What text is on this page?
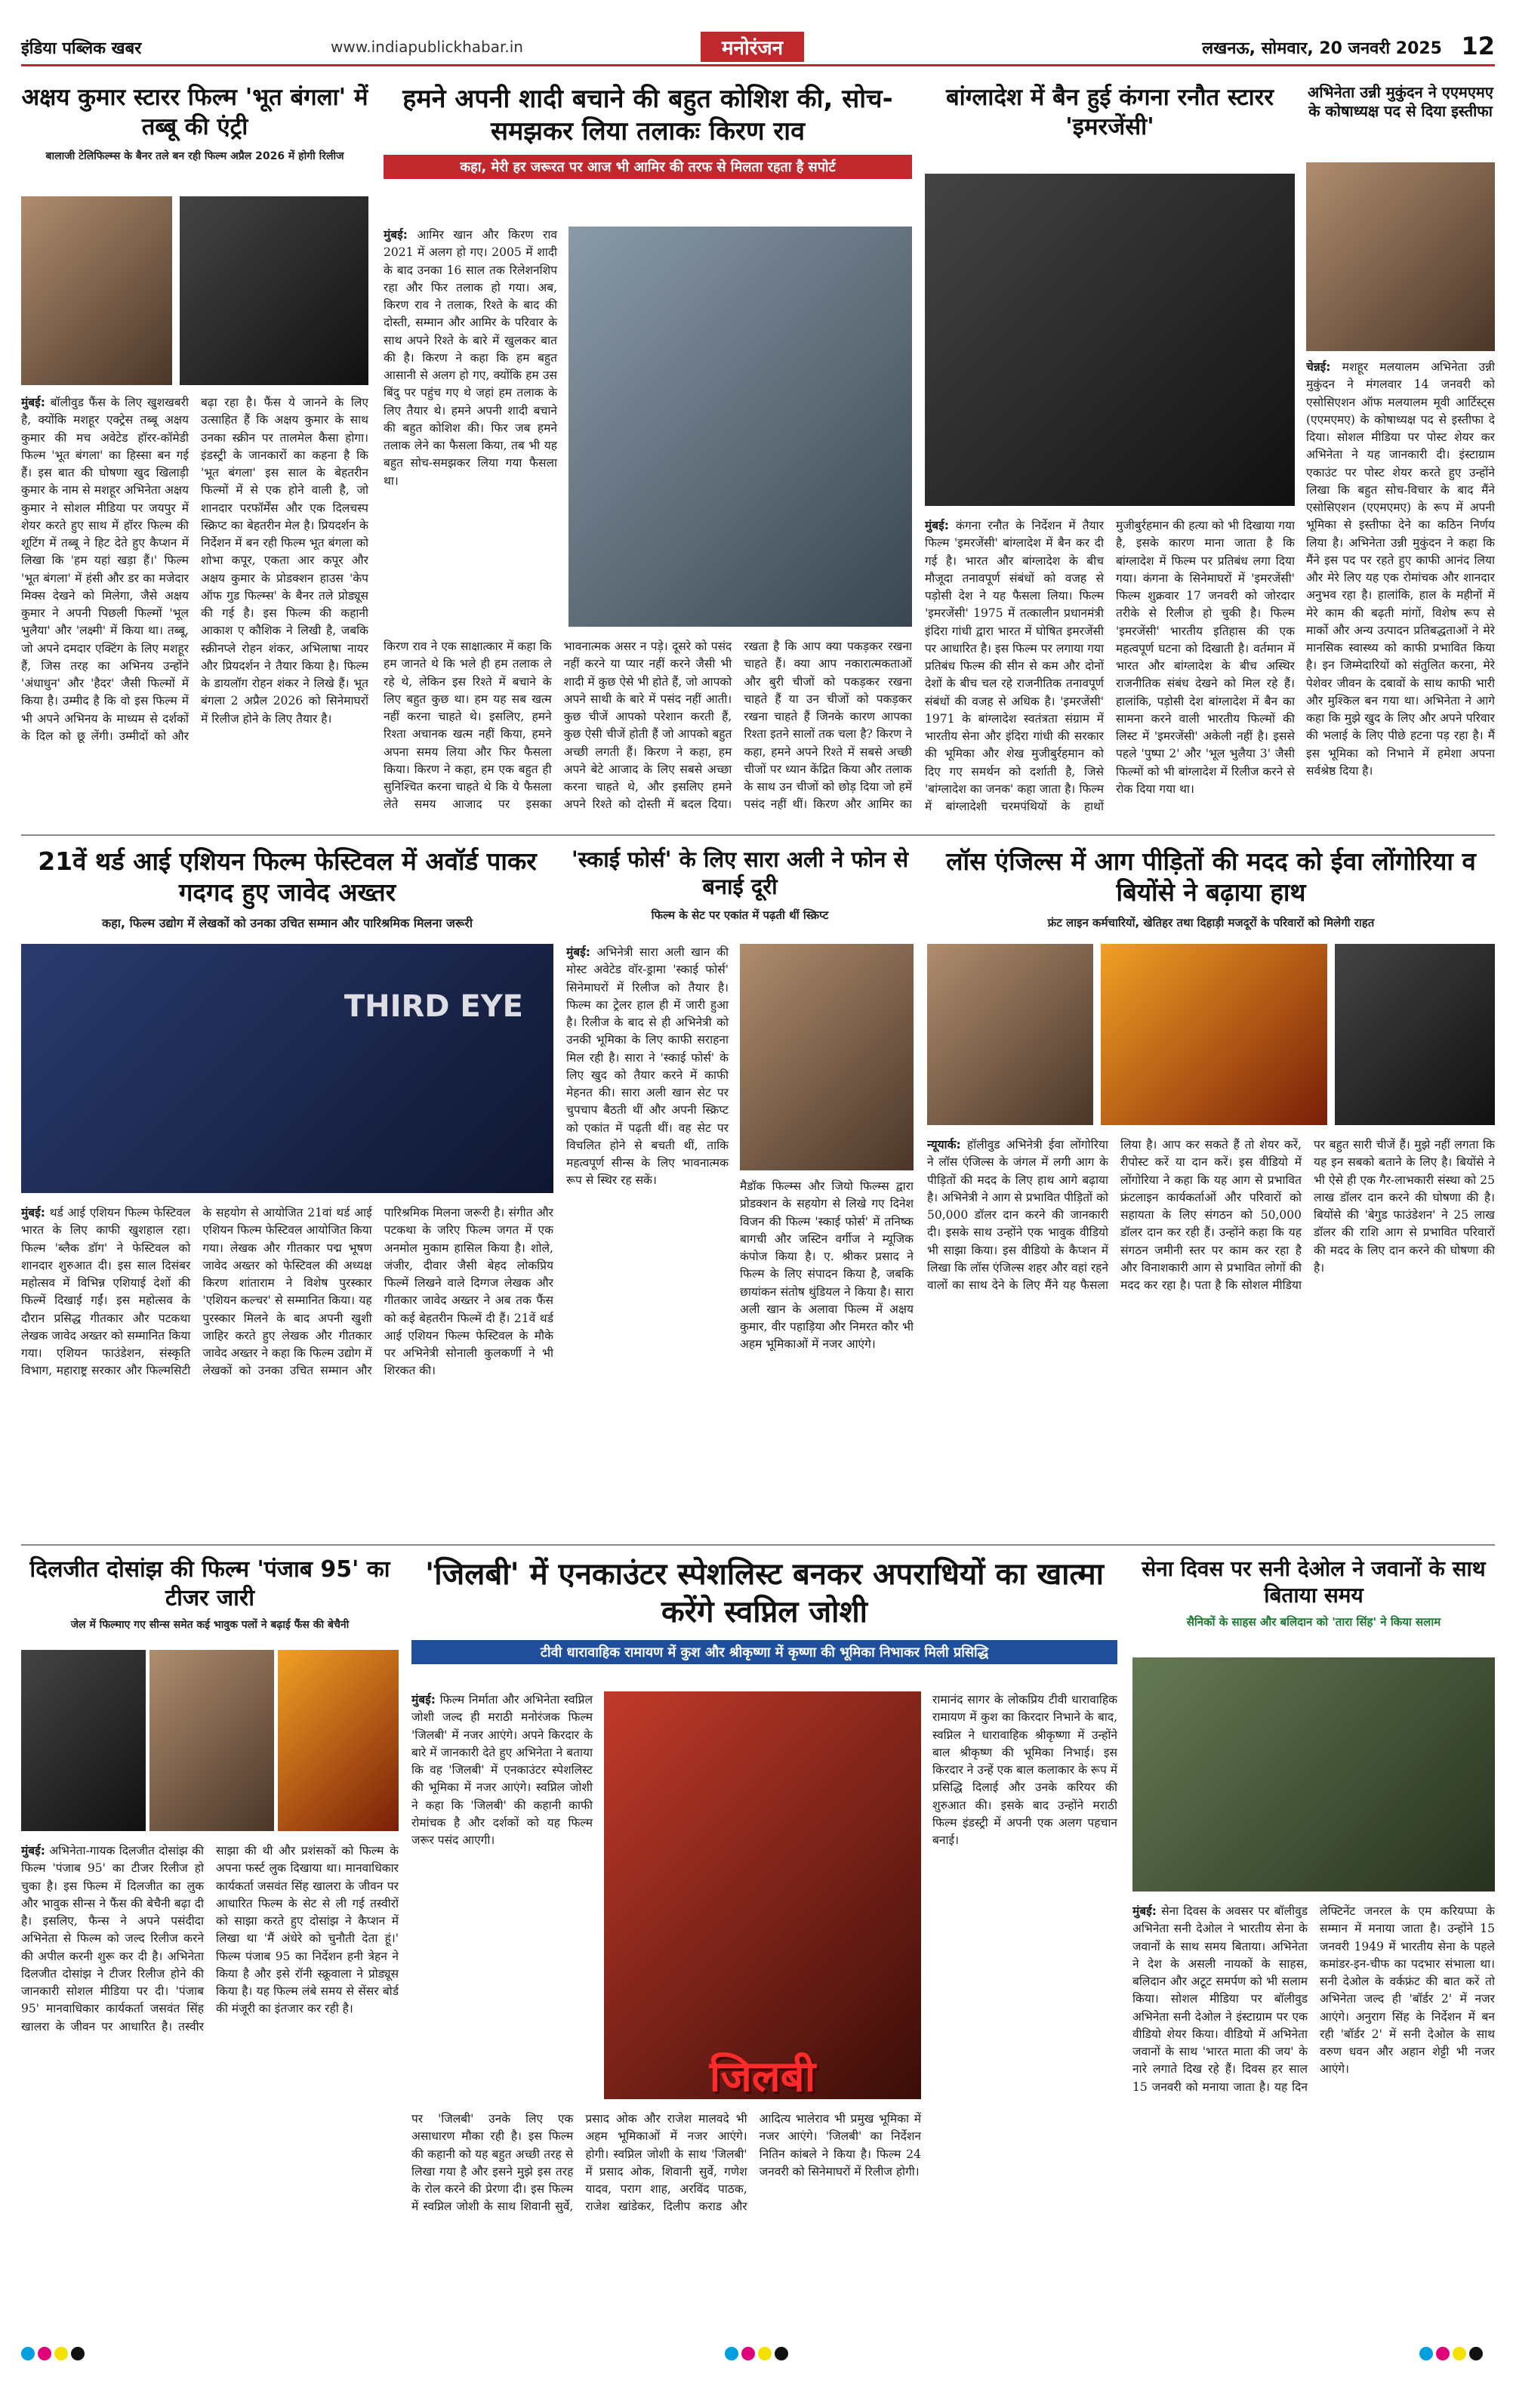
इंडिया पब्लिक खबर	www.indiapublickhabar.in	मनोरंजन	लखनऊ, सोमवार, 20 जनवरी 2025 12
अक्षय कुमार स्टारर फिल्म 'भूत बंगला' में तब्बू की एंट्री
बालाजी टेलिफिल्म्स के बैनर तले बन रही फिल्म अप्रैल 2026 में होगी रिलीज
मुंबई: बॉलीवुड फैंस के लिए खुशखबरी है, क्योंकि मशहूर एक्ट्रेस तब्बू अक्षय कुमार की मच अवेटेड हॉरर-कॉमेडी फिल्म 'भूत बंगला' का हिस्सा बन गई हैं। इस बात की घोषणा खुद खिलाड़ी कुमार के नाम से मशहूर अभिनेता अक्षय कुमार ने सोशल मीडिया पर जयपुर में शेयर करते हुए साथ में हॉरर फिल्म की शूटिंग में तब्बू ने हिट देते हुए कैप्शन में लिखा कि 'हम यहां खड़ा हैं।' फिल्म 'भूत बंगला' में हंसी और डर का मजेदार मिक्स देखने को मिलेगा, जैसे अक्षय कुमार ने अपनी पिछली फिल्मों 'भूल भुलैया' और 'लक्ष्मी' में किया था। तब्बू, जो अपने दमदार एक्टिंग के लिए मशहूर हैं, जिस तरह का अभिनय उन्होंने 'अंधाधुन' और 'हैदर' जैसी फिल्मों में किया है। उम्मीद है कि वो इस फिल्म में भी अपने अभिनय के माध्यम से दर्शकों के दिल को छू लेंगी। उम्मीदों को और बढ़ा रहा है। फैंस ये जानने के लिए उत्साहित हैं कि अक्षय कुमार के साथ उनका स्क्रीन पर तालमेल कैसा होगा। इंडस्ट्री के जानकारों का कहना है कि 'भूत बंगला' इस साल के बेहतरीन फिल्मों में से एक होने वाली है, जो शानदार परफॉर्मेंस और एक दिलचस्प स्क्रिप्ट का बेहतरीन मेल है। प्रियदर्शन के निर्देशन में बन रही फिल्म भूत बंगला को शोभा कपूर, एकता आर कपूर और अक्षय कुमार के प्रोडक्शन हाउस 'केप ऑफ गुड फिल्म्स' के बैनर तले प्रोड्यूस की गई है। इस फिल्म की कहानी आकाश ए कौशिक ने लिखी है, जबकि स्क्रीनप्ले रोहन शंकर, अभिलाषा नायर और प्रियदर्शन ने तैयार किया है। फिल्म के डायलॉग रोहन शंकर ने लिखे हैं। भूत बंगला 2 अप्रैल 2026 को सिनेमाघरों में रिलीज होने के लिए तैयार है।
हमने अपनी शादी बचाने की बहुत कोशिश की, सोच-समझकर लिया तलाकः किरण राव
कहा, मेरी हर जरूरत पर आज भी आमिर की तरफ से मिलता रहता है सपोर्ट
मुंबई: आमिर खान और किरण राव 2021 में अलग हो गए। 2005 में शादी के बाद उनका 16 साल तक रिलेशनशिप रहा और फिर तलाक हो गया। अब, किरण राव ने तलाक, रिश्ते के बाद की दोस्ती, सम्मान और आमिर के परिवार के साथ अपने रिश्ते के बारे में खुलकर बात की है। किरण ने कहा कि हम बहुत आसानी से अलग हो गए, क्योंकि हम उस बिंदु पर पहुंच गए थे जहां हम तलाक के लिए तैयार थे। हमने अपनी शादी बचाने की बहुत कोशिश की। फिर जब हमने तलाक लेने का फैसला किया, तब भी यह बहुत सोच-समझकर लिया गया फैसला था।
किरण राव ने एक साक्षात्कार में कहा कि हम जानते थे कि भले ही हम तलाक ले रहे थे, लेकिन इस रिश्ते में बचाने के लिए बहुत कुछ था। हम यह सब खत्म नहीं करना चाहते थे। इसलिए, हमने रिश्ता अचानक खत्म नहीं किया, हमने अपना समय लिया और फिर फैसला किया। किरण ने कहा, हम एक बहुत ही सुनिश्चित करना चाहते थे कि ये फैसला लेते समय आजाद पर इसका भावनात्मक असर न पड़े। दूसरे को पसंद नहीं करने या प्यार नहीं करने जैसी भी शादी में कुछ ऐसे भी होते हैं, जो आपको अपने साथी के बारे में पसंद नहीं आती। कुछ चीजें आपको परेशान करती हैं, कुछ ऐसी चीजें होती हैं जो आपको बहुत अच्छी लगती हैं। किरण ने कहा, हम अपने बेटे आजाद के लिए सबसे अच्छा करना चाहते थे, और इसलिए हमने अपने रिश्ते को दोस्ती में बदल दिया। रखता है कि आप क्या पकड़कर रखना चाहते हैं। क्या आप नकारात्मकताओं और बुरी चीजों को पकड़कर रखना चाहते हैं या उन चीजों को पकड़कर रखना चाहते हैं जिनके कारण आपका रिश्ता इतने सालों तक चला है? किरण ने कहा, हमने अपने रिश्ते में सबसे अच्छी चीजों पर ध्यान केंद्रित किया और तलाक के साथ उन चीजों को छोड़ दिया जो हमें पसंद नहीं थीं। किरण और आमिर का
बांग्लादेश में बैन हुई कंगना रनौत स्टारर 'इमरजेंसी'
मुंबई: कंगना रनौत के निर्देशन में तैयार फिल्म 'इमरजेंसी' बांग्लादेश में बैन कर दी गई है। भारत और बांग्लादेश के बीच मौजूदा तनावपूर्ण संबंधों को वजह से पड़ोसी देश ने यह फैसला लिया। फिल्म 'इमरजेंसी' 1975 में तत्कालीन प्रधानमंत्री इंदिरा गांधी द्वारा भारत में घोषित इमरजेंसी पर आधारित है। इस फिल्म पर लगाया गया प्रतिबंध फिल्म की सीन से कम और दोनों देशों के बीच चल रहे राजनीतिक तनावपूर्ण संबंधों की वजह से अधिक है। 'इमरजेंसी' 1971 के बांग्लादेश स्वतंत्रता संग्राम में भारतीय सेना और इंदिरा गांधी की सरकार की भूमिका और शेख मुजीबुर्रहमान को दिए गए समर्थन को दर्शाती है, जिसे 'बांग्लादेश का जनक' कहा जाता है। फिल्म में बांग्लादेशी चरमपंथियों के हाथों मुजीबुर्रहमान की हत्या को भी दिखाया गया है, इसके कारण माना जाता है कि बांग्लादेश में फिल्म पर प्रतिबंध लगा दिया गया। कंगना के सिनेमाघरों में 'इमरजेंसी' फिल्म शुक्रवार 17 जनवरी को जोरदार तरीके से रिलीज हो चुकी है। फिल्म 'इमरजेंसी' भारतीय इतिहास की एक महत्वपूर्ण घटना को दिखाती है। वर्तमान में भारत और बांग्लादेश के बीच अस्थिर राजनीतिक संबंध देखने को मिल रहे हैं। हालांकि, पड़ोसी देश बांग्लादेश में बैन का सामना करने वाली भारतीय फिल्मों की लिस्ट में 'इमरजेंसी' अकेली नहीं है। इससे पहले 'पुष्पा 2' और 'भूल भुलैया 3' जैसी फिल्मों को भी बांग्लादेश में रिलीज करने से रोक दिया गया था।
अभिनेता उन्नी मुकुंदन ने एएमएमए के कोषाध्यक्ष पद से दिया इस्तीफा
चेन्नई: मशहूर मलयालम अभिनेता उन्नी मुकुंदन ने मंगलवार 14 जनवरी को एसोसिएशन ऑफ मलयालम मूवी आर्टिस्ट्स (एएमएमए) के कोषाध्यक्ष पद से इस्तीफा दे दिया। सोशल मीडिया पर पोस्ट शेयर कर अभिनेता ने यह जानकारी दी। इंस्टाग्राम एकाउंट पर पोस्ट शेयर करते हुए उन्होंने लिखा कि बहुत सोच-विचार के बाद मैंने एसोसिएशन (एएमएमए) के रूप में अपनी भूमिका से इस्तीफा देने का कठिन निर्णय लिया है। अभिनेता उन्नी मुकुंदन ने कहा कि मैंने इस पद पर रहते हुए काफी आनंद लिया और मेरे लिए यह एक रोमांचक और शानदार अनुभव रहा है। हालांकि, हाल के महीनों में मेरे काम की बढ़ती मांगों, विशेष रूप से मार्को और अन्य उत्पादन प्रतिबद्धताओं ने मेरे मानसिक स्वास्थ्य को काफी प्रभावित किया है। इन जिम्मेदारियों को संतुलित करना, मेरे पेशेवर जीवन के दबावों के साथ काफी भारी और मुश्किल बन गया था। अभिनेता ने आगे कहा कि मुझे खुद के लिए और अपने परिवार की भलाई के लिए पीछे हटना पड़ रहा है। मैं इस भूमिका को निभाने में हमेशा अपना सर्वश्रेष्ठ दिया है।
21वें थर्ड आई एशियन फिल्म फेस्टिवल में अवॉर्ड पाकर गदगद हुए जावेद अख्तर
कहा, फिल्म उद्योग में लेखकों को उनका उचित सम्मान और पारिश्रमिक मिलना जरूरी
THIRD EYE
मुंबई: थर्ड आई एशियन फिल्म फेस्टिवल भारत के लिए काफी खुशहाल रहा। फिल्म 'ब्लैक डॉग' ने फेस्टिवल को शानदार शुरुआत दी। इस साल दिसंबर महोत्सव में विभिन्न एशियाई देशों की फिल्में दिखाई गईं। इस महोत्सव के दौरान प्रसिद्ध गीतकार और पटकथा लेखक जावेद अख्तर को सम्मानित किया गया। एशियन फाउंडेशन, संस्कृति विभाग, महाराष्ट्र सरकार और फिल्मसिटी के सहयोग से आयोजित 21वां थर्ड आई एशियन फिल्म फेस्टिवल आयोजित किया गया। लेखक और गीतकार पद्म भूषण जावेद अख्तर को फेस्टिवल की अध्यक्ष किरण शांताराम ने विशेष पुरस्कार 'एशियन कल्चर' से सम्मानित किया। यह पुरस्कार मिलने के बाद अपनी खुशी जाहिर करते हुए लेखक और गीतकार जावेद अख्तर ने कहा कि फिल्म उद्योग में लेखकों को उनका उचित सम्मान और पारिश्रमिक मिलना जरूरी है। संगीत और पटकथा के जरिए फिल्म जगत में एक अनमोल मुकाम हासिल किया है। शोले, जंजीर, दीवार जैसी बेहद लोकप्रिय फिल्में लिखने वाले दिग्गज लेखक और गीतकार जावेद अख्तर ने अब तक फैंस को कई बेहतरीन फिल्में दी हैं। 21वें थर्ड आई एशियन फिल्म फेस्टिवल के मौके पर अभिनेत्री सोनाली कुलकर्णी ने भी शिरकत की।
'स्काई फोर्स' के लिए सारा अली ने फोन से बनाई दूरी
फिल्म के सेट पर एकांत में पढ़ती थीं स्क्रिप्ट
मुंबई: अभिनेत्री सारा अली खान की मोस्ट अवेटेड वॉर-ड्रामा 'स्काई फोर्स' सिनेमाघरों में रिलीज को तैयार है। फिल्म का ट्रेलर हाल ही में जारी हुआ है। रिलीज के बाद से ही अभिनेत्री को उनकी भूमिका के लिए काफी सराहना मिल रही है। सारा ने 'स्काई फोर्स' के लिए खुद को तैयार करने में काफी मेहनत की। सारा अली खान सेट पर चुपचाप बैठती थीं और अपनी स्क्रिप्ट को एकांत में पढ़ती थीं। वह सेट पर विचलित होने से बचती थीं, ताकि महत्वपूर्ण सीन्स के लिए भावनात्मक रूप से स्थिर रह सकें।	मैडॉक फिल्म्स और जियो फिल्म्स द्वारा प्रोडक्शन के सहयोग से लिखे गए दिनेश विजन की फिल्म 'स्काई फोर्स' में तनिष्क बागची और जस्टिन वर्गीज ने म्यूजिक कंपोज किया है। ए. श्रीकर प्रसाद ने फिल्म के लिए संपादन किया है, जबकि छायांकन संतोष थुंडियल ने किया है। सारा अली खान के अलावा फिल्म में अक्षय कुमार, वीर पहाड़िया और निमरत कौर भी अहम भूमिकाओं में नजर आएंगे।
लॉस एंजिल्स में आग पीड़ितों की मदद को ईवा लोंगोरिया व बियोंसे ने बढ़ाया हाथ
फ्रंट लाइन कर्मचारियों, खेतिहर तथा दिहाड़ी मजदूरों के परिवारों को मिलेगी राहत
न्यूयार्क: हॉलीवुड अभिनेत्री ईवा लोंगोरिया ने लॉस एंजिल्स के जंगल में लगी आग के पीड़ितों की मदद के लिए हाथ आगे बढ़ाया है। अभिनेत्री ने आग से प्रभावित पीड़ितों को 50,000 डॉलर दान करने की जानकारी दी। इसके साथ उन्होंने एक भावुक वीडियो भी साझा किया। इस वीडियो के कैप्शन में लिखा कि लॉस एंजिल्स शहर और वहां रहने वालों का साथ देने के लिए मैंने यह फैसला लिया है। आप कर सकते हैं तो शेयर करें, रीपोस्ट करें या दान करें। इस वीडियो में लोंगोरिया ने कहा कि यह आग से प्रभावित फ्रंटलाइन कार्यकर्ताओं और परिवारों को सहायता के लिए संगठन को 50,000 डॉलर दान कर रही हैं। उन्होंने कहा कि यह संगठन जमीनी स्तर पर काम कर रहा है और विनाशकारी आग से प्रभावित लोगों की मदद कर रहा है। पता है कि सोशल मीडिया पर बहुत सारी चीजें हैं। मुझे नहीं लगता कि यह इन सबको बताने के लिए है। बियोंसे ने भी ऐसे ही एक गैर-लाभकारी संस्था को 25 लाख डॉलर दान करने की घोषणा की है। बियोंसे की 'बेगुड फाउंडेशन' ने 25 लाख डॉलर की राशि आग से प्रभावित परिवारों की मदद के लिए दान करने की घोषणा की है।
दिलजीत दोसांझ की फिल्म 'पंजाब 95' का टीजर जारी
जेल में फिल्माए गए सीन्स समेत कई भावुक पलों ने बढ़ाई फैंस की बेचैनी
मुंबई: अभिनेता-गायक दिलजीत दोसांझ की फिल्म 'पंजाब 95' का टीजर रिलीज हो चुका है। इस फिल्म में दिलजीत का लुक और भावुक सीन्स ने फैंस की बेचैनी बढ़ा दी है। इसलिए, फैन्स ने अपने पसंदीदा अभिनेता से फिल्म को जल्द रिलीज करने की अपील करनी शुरू कर दी है। अभिनेता दिलजीत दोसांझ ने टीजर रिलीज होने की जानकारी सोशल मीडिया पर दी। 'पंजाब 95' मानवाधिकार कार्यकर्ता जसवंत सिंह खालरा के जीवन पर आधारित है। तस्वीर साझा की थी और प्रशंसकों को फिल्म के अपना फर्स्ट लुक दिखाया था। मानवाधिकार कार्यकर्ता जसवंत सिंह खालरा के जीवन पर आधारित फिल्म के सेट से ली गई तस्वीरों को साझा करते हुए दोसांझ ने कैप्शन में लिखा था 'मैं अंधेरे को चुनौती देता हूं।' फिल्म पंजाब 95 का निर्देशन हनी त्रेहन ने किया है और इसे रॉनी स्क्रूवाला ने प्रोड्यूस किया है। यह फिल्म लंबे समय से सेंसर बोर्ड की मंजूरी का इंतजार कर रही है।
'जिलबी' में एनकाउंटर स्पेशलिस्ट बनकर अपराधियों का खात्मा करेंगे स्वप्निल जोशी
टीवी धारावाहिक रामायण में कुश और श्रीकृष्णा में कृष्णा की भूमिका निभाकर मिली प्रसिद्धि
मुंबई: फिल्म निर्माता और अभिनेता स्वप्निल जोशी जल्द ही मराठी मनोरंजक फिल्म 'जिलबी' में नजर आएंगे। अपने किरदार के बारे में जानकारी देते हुए अभिनेता ने बताया कि वह 'जिलबी' में एनकाउंटर स्पेशलिस्ट की भूमिका में नजर आएंगे। स्वप्निल जोशी ने कहा कि 'जिलबी' की कहानी काफी रोमांचक है और दर्शकों को यह फिल्म जरूर पसंद आएगी।
जिलबी
पर 'जिलबी' उनके लिए एक असाधारण मौका रही है। इस फिल्म की कहानी को यह बहुत अच्छी तरह से लिखा गया है और इसने मुझे इस तरह के रोल करने की प्रेरणा दी। इस फिल्म में स्वप्निल जोशी के साथ शिवानी सुर्वे, प्रसाद ओक और राजेश मालवदे भी अहम भूमिकाओं में नजर आएंगे। होगी। स्वप्निल जोशी के साथ 'जिलबी' में प्रसाद ओक, शिवानी सुर्वे, गणेश यादव, पराग शाह, अरविंद पाठक, राजेश खांडेकर, दिलीप कराड और आदित्य भालेराव भी प्रमुख भूमिका में नजर आएंगे। 'जिलबी' का निर्देशन नितिन कांबले ने किया है। फिल्म 24 जनवरी को सिनेमाघरों में रिलीज होगी।
रामानंद सागर के लोकप्रिय टीवी धारावाहिक रामायण में कुश का किरदार निभाने के बाद, स्वप्निल ने धारावाहिक श्रीकृष्णा में उन्होंने बाल श्रीकृष्ण की भूमिका निभाई। इस किरदार ने उन्हें एक बाल कलाकार के रूप में प्रसिद्धि दिलाई और उनके करियर की शुरुआत की। इसके बाद उन्होंने मराठी फिल्म इंडस्ट्री में अपनी एक अलग पहचान बनाई।
सेना दिवस पर सनी देओल ने जवानों के साथ बिताया समय
सैनिकों के साहस और बलिदान को 'तारा सिंह' ने किया सलाम
मुंबई: सेना दिवस के अवसर पर बॉलीवुड अभिनेता सनी देओल ने भारतीय सेना के जवानों के साथ समय बिताया। अभिनेता ने देश के असली नायकों के साहस, बलिदान और अटूट समर्पण को भी सलाम किया। सोशल मीडिया पर बॉलीवुड अभिनेता सनी देओल ने इंस्टाग्राम पर एक वीडियो शेयर किया। वीडियो में अभिनेता जवानों के साथ 'भारत माता की जय' के नारे लगाते दिख रहे हैं। दिवस हर साल 15 जनवरी को मनाया जाता है। यह दिन लेफ्टिनेंट जनरल के एम करियप्पा के सम्मान में मनाया जाता है। उन्होंने 15 जनवरी 1949 में भारतीय सेना के पहले कमांडर-इन-चीफ का पदभार संभाला था। सनी देओल के वर्कफ्रंट की बात करें तो अभिनेता जल्द ही 'बॉर्डर 2' में नजर आएंगे। अनुराग सिंह के निर्देशन में बन रही 'बॉर्डर 2' में सनी देओल के साथ वरुण धवन और अहान शेट्टी भी नजर आएंगे।
